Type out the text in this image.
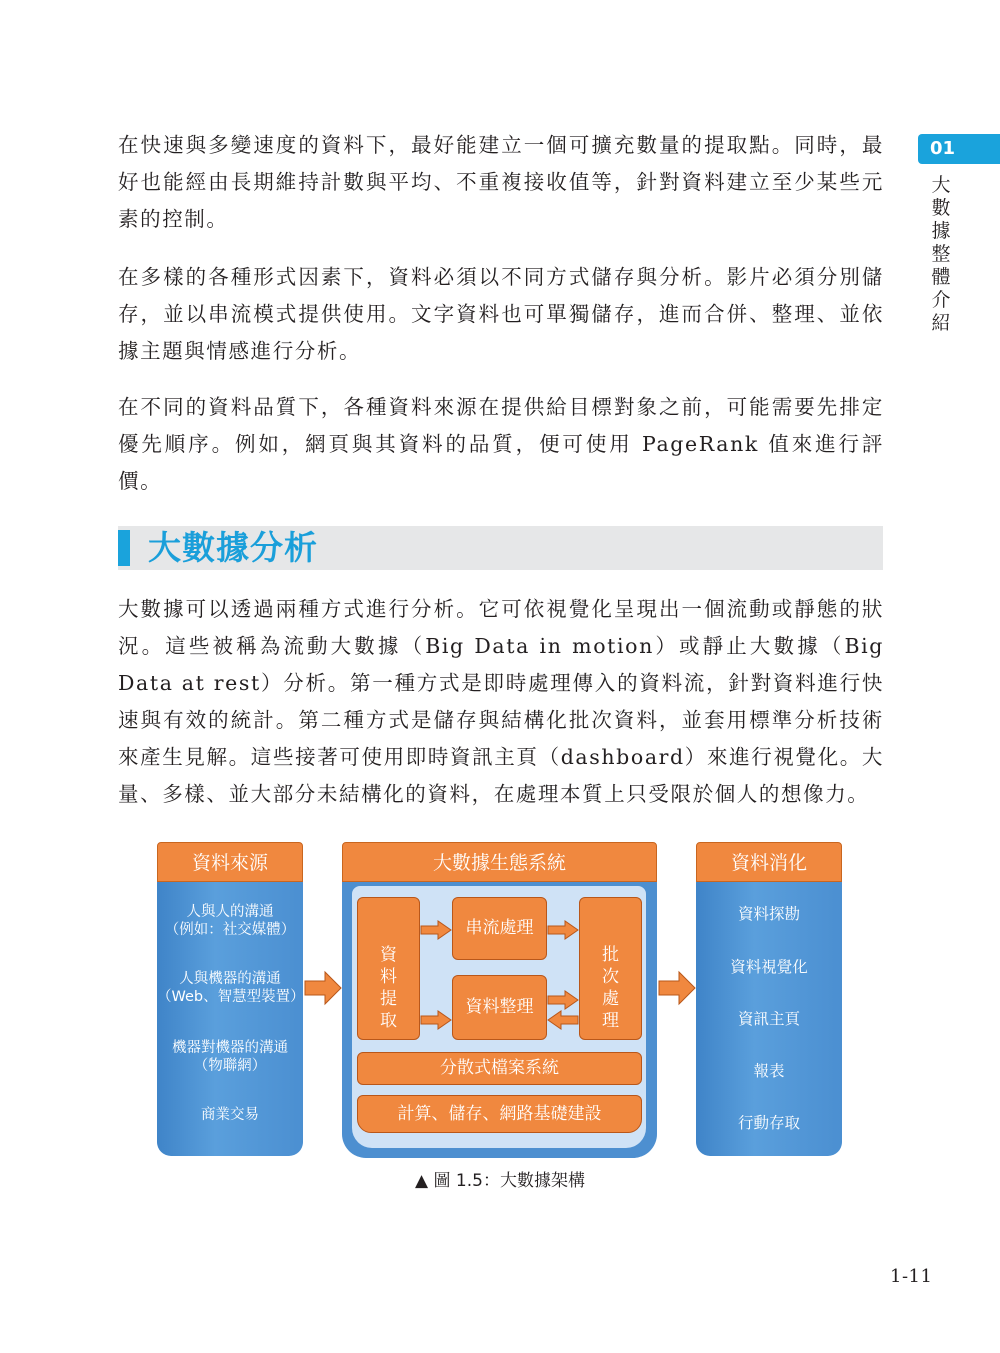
01
大數據整體介紹

在快速與多變速度的資料下，最好能建立一個可擴充數量的提取點。同時，最好也能經由長期維持計數與平均、不重複接收值等，針對資料建立至少某些元素的控制。

在多樣的各種形式因素下，資料必須以不同方式儲存與分析。影片必須分別儲存，並以串流模式提供使用。文字資料也可單獨儲存，進而合併、整理、並依據主題與情感進行分析。

在不同的資料品質下，各種資料來源在提供給目標對象之前，可能需要先排定優先順序。例如，網頁與其資料的品質，便可使用 PageRank 值來進行評價。

大數據分析

大數據可以透過兩種方式進行分析。它可依視覺化呈現出一個流動或靜態的狀況。這些被稱為流動大數據（Big Data in motion）或靜止大數據（Big Data at rest）分析。第一種方式是即時處理傳入的資料流，針對資料進行快速與有效的統計。第二種方式是儲存與結構化批次資料，並套用標準分析技術來產生見解。這些接著可使用即時資訊主頁（dashboard）來進行視覺化。大量、多樣、並大部分未結構化的資料，在處理本質上只受限於個人的想像力。

資料來源
人與人的溝通
（例如：社交媒體）
人與機器的溝通
（Web、智慧型裝置）
機器對機器的溝通
（物聯網）
商業交易
大數據生態系統
資料提取
串流處理
資料整理
批次處理
分散式檔案系統
計算、儲存、網路基礎建設
資料消化
資料探勘
資料視覺化
資訊主頁
報表
行動存取
▲ 圖 1.5：大數據架構
1-11
